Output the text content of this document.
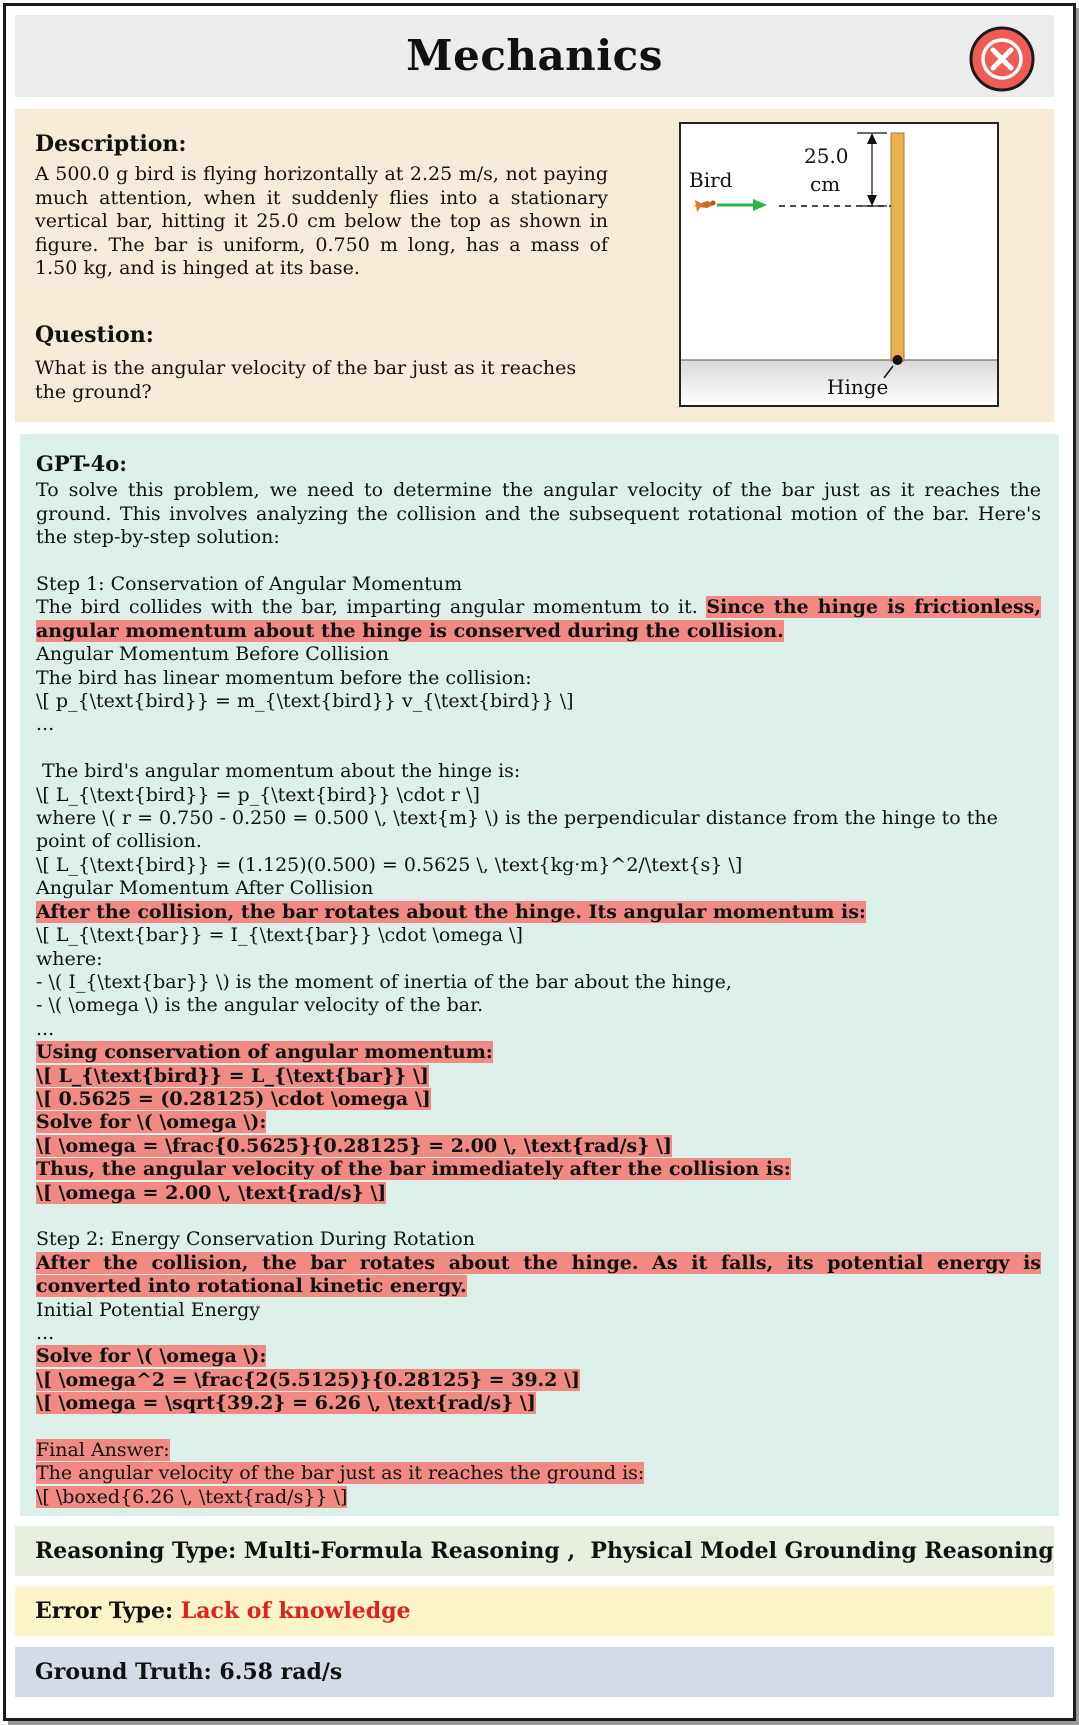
Mechanics
Description:
A 500.0 g bird is flying horizontally at 2.25 m/s, not paying much attention, when it suddenly flies into a stationary vertical bar, hitting it 25.0 cm below the top as shown in figure. The bar is uniform, 0.750 m long, has a mass of 1.50 kg, and is hinged at its base.
Question:
What is the angular velocity of the bar just as it reaches the ground?	Hinge
25.0
cm
Bird
GPT-4o:
To solve this problem, we need to determine the angular velocity of the bar just as it reaches the ground. This involves analyzing the collision and the subsequent rotational motion of the bar. Here's the step-by-step solution:
Step 1: Conservation of Angular Momentum
The bird collides with the bar, imparting angular momentum to it. Since the hinge is frictionless, angular momentum about the hinge is conserved during the collision.
Angular Momentum Before Collision
The bird has linear momentum before the collision:
\[ p_{\text{bird}} = m_{\text{bird}} v_{\text{bird}} \]
...
The bird's angular momentum about the hinge is:
\[ L_{\text{bird}} = p_{\text{bird}} \cdot r \]
where \( r = 0.750 - 0.250 = 0.500 \, \text{m} \) is the perpendicular distance from the hinge to the point of collision.
\[ L_{\text{bird}} = (1.125)(0.500) = 0.5625 \, \text{kg·m}^2/\text{s} \]
Angular Momentum After Collision
After the collision, the bar rotates about the hinge. Its angular momentum is:
\[ L_{\text{bar}} = I_{\text{bar}} \cdot \omega \]
where:
- \( I_{\text{bar}} \) is the moment of inertia of the bar about the hinge,
- \( \omega \) is the angular velocity of the bar.
...
Using conservation of angular momentum:
\[ L_{\text{bird}} = L_{\text{bar}} \]
\[ 0.5625 = (0.28125) \cdot \omega \]
Solve for \( \omega \):
\[ \omega = \frac{0.5625}{0.28125} = 2.00 \, \text{rad/s} \]
Thus, the angular velocity of the bar immediately after the collision is:
\[ \omega = 2.00 \, \text{rad/s} \]
Step 2: Energy Conservation During Rotation
After the collision, the bar rotates about the hinge. As it falls, its potential energy is converted into rotational kinetic energy.
Initial Potential Energy
...
Solve for \( \omega \):
\[ \omega^2 = \frac{2(5.5125)}{0.28125} = 39.2 \]
\[ \omega = \sqrt{39.2} = 6.26 \, \text{rad/s} \]
Final Answer:
The angular velocity of the bar just as it reaches the ground is:
\[ \boxed{6.26 \, \text{rad/s}} \]
Reasoning Type: Multi-Formula Reasoning ,  Physical Model Grounding Reasoning
Error Type: Lack of knowledge
Ground Truth: 6.58 rad/s
